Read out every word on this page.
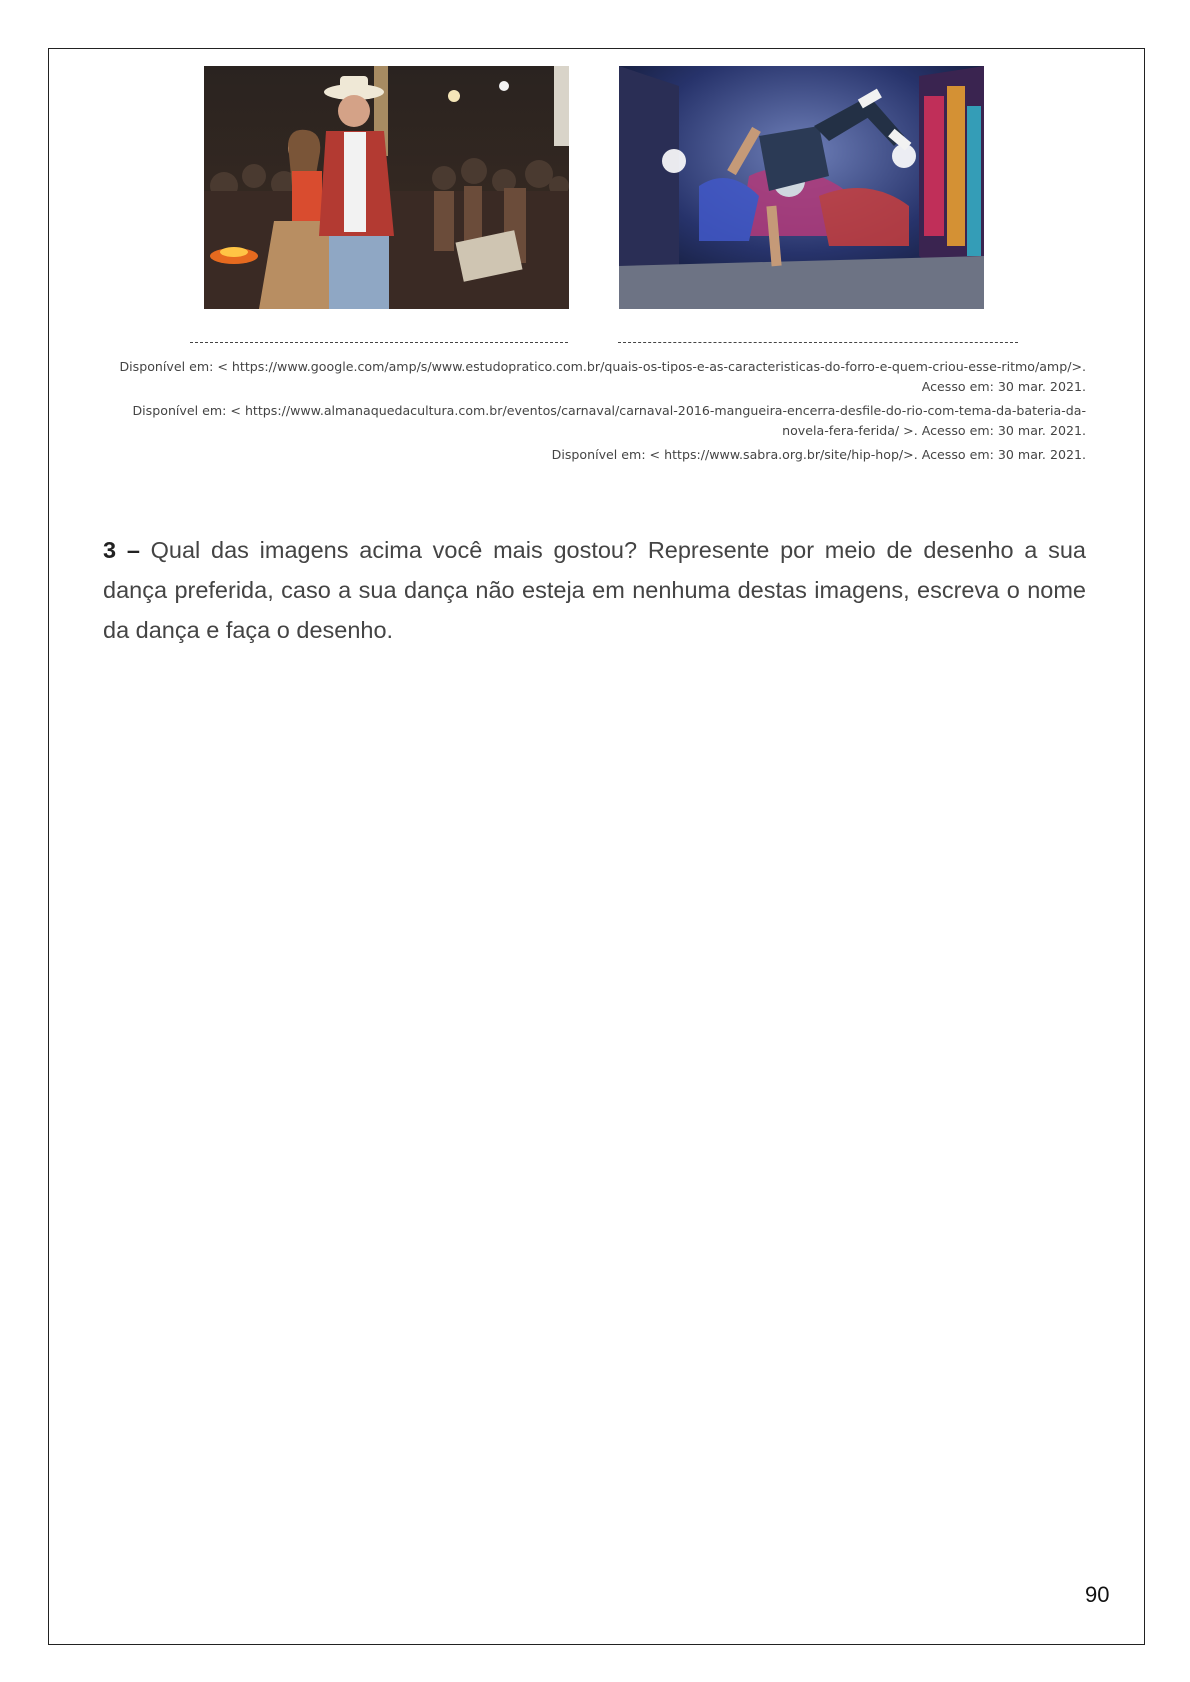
Disponível em: < https://www.google.com/amp/s/www.estudopratico.com.br/quais-os-tipos-e-as-caracteristicas-do-forro-e-quem-criou-esse-ritmo/amp/>. Acesso em: 30 mar. 2021.
Disponível em: < https://www.almanaquedacultura.com.br/eventos/carnaval/carnaval-2016-mangueira-encerra-desfile-do-rio-com-tema-da-bateria-da-novela-fera-ferida/ >. Acesso em: 30 mar. 2021.
Disponível em: < https://www.sabra.org.br/site/hip-hop/>. Acesso em: 30 mar. 2021.
3 – Qual das imagens acima você mais gostou? Represente por meio de desenho a sua dança preferida, caso a sua dança não esteja em nenhuma destas imagens, escreva o nome da dança e faça o desenho.
90
